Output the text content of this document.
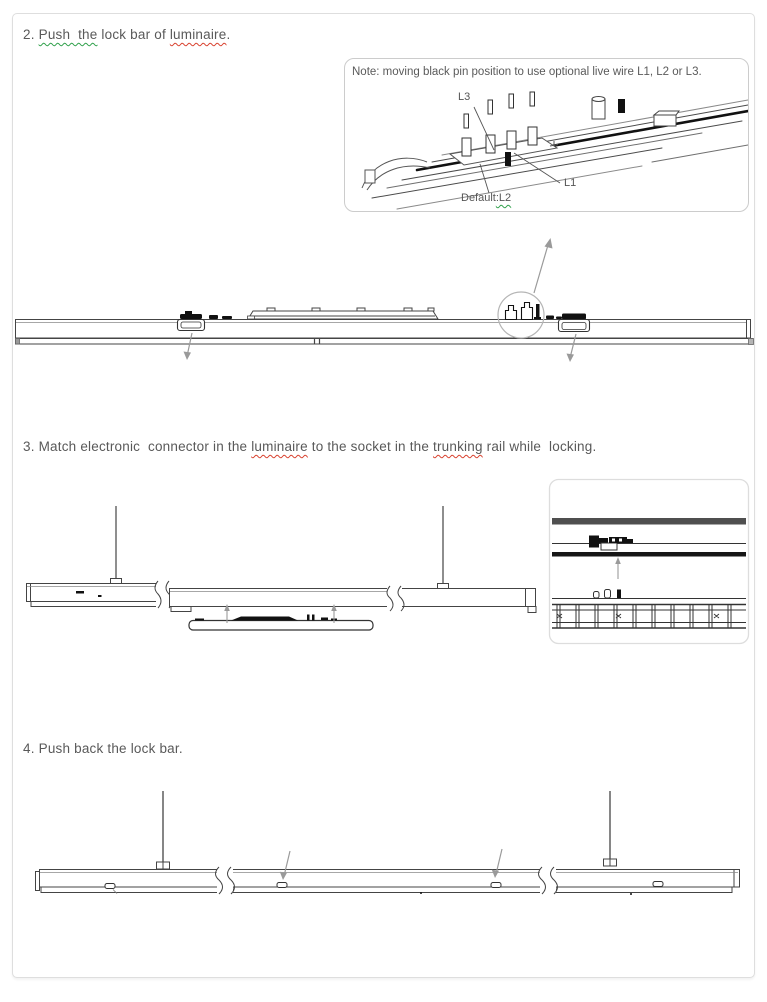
2. Push  the lock bar of luminaire.

Note: moving black pin position to use optional live wire L1, L2 or L3.

L3
L1
Default:L2

3. Match electronic  connector in the luminaire to the socket in the trunking rail while  locking.

4. Push back the lock bar.
